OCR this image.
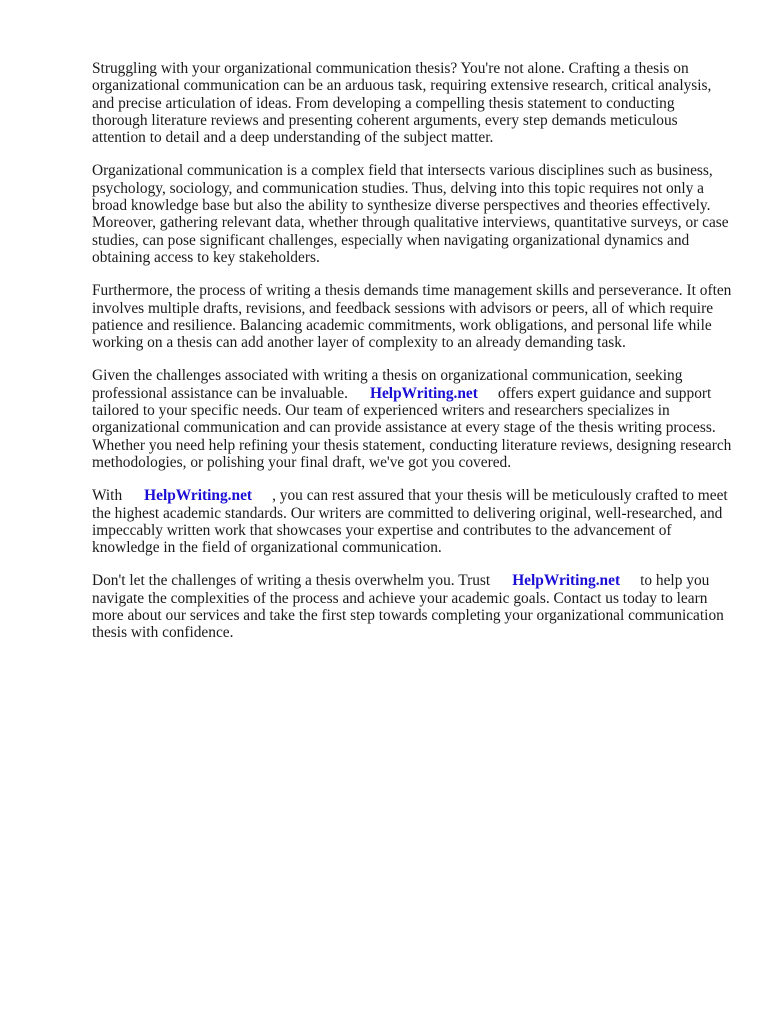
Struggling with your organizational communication thesis? You're not alone. Crafting a thesis on organizational communication can be an arduous task, requiring extensive research, critical analysis, and precise articulation of ideas. From developing a compelling thesis statement to conducting thorough literature reviews and presenting coherent arguments, every step demands meticulous attention to detail and a deep understanding of the subject matter.

Organizational communication is a complex field that intersects various disciplines such as business, psychology, sociology, and communication studies. Thus, delving into this topic requires not only a broad knowledge base but also the ability to synthesize diverse perspectives and theories effectively. Moreover, gathering relevant data, whether through qualitative interviews, quantitative surveys, or case studies, can pose significant challenges, especially when navigating organizational dynamics and obtaining access to key stakeholders.

Furthermore, the process of writing a thesis demands time management skills and perseverance. It often involves multiple drafts, revisions, and feedback sessions with advisors or peers, all of which require patience and resilience. Balancing academic commitments, work obligations, and personal life while working on a thesis can add another layer of complexity to an already demanding task.

Given the challenges associated with writing a thesis on organizational communication, seeking professional assistance can be invaluable. HelpWriting.net offers expert guidance and support tailored to your specific needs. Our team of experienced writers and researchers specializes in organizational communication and can provide assistance at every stage of the thesis writing process. Whether you need help refining your thesis statement, conducting literature reviews, designing research methodologies, or polishing your final draft, we've got you covered.

With HelpWriting.net , you can rest assured that your thesis will be meticulously crafted to meet the highest academic standards. Our writers are committed to delivering original, well-researched, and impeccably written work that showcases your expertise and contributes to the advancement of knowledge in the field of organizational communication.

Don't let the challenges of writing a thesis overwhelm you. Trust HelpWriting.net to help you navigate the complexities of the process and achieve your academic goals. Contact us today to learn more about our services and take the first step towards completing your organizational communication thesis with confidence.
